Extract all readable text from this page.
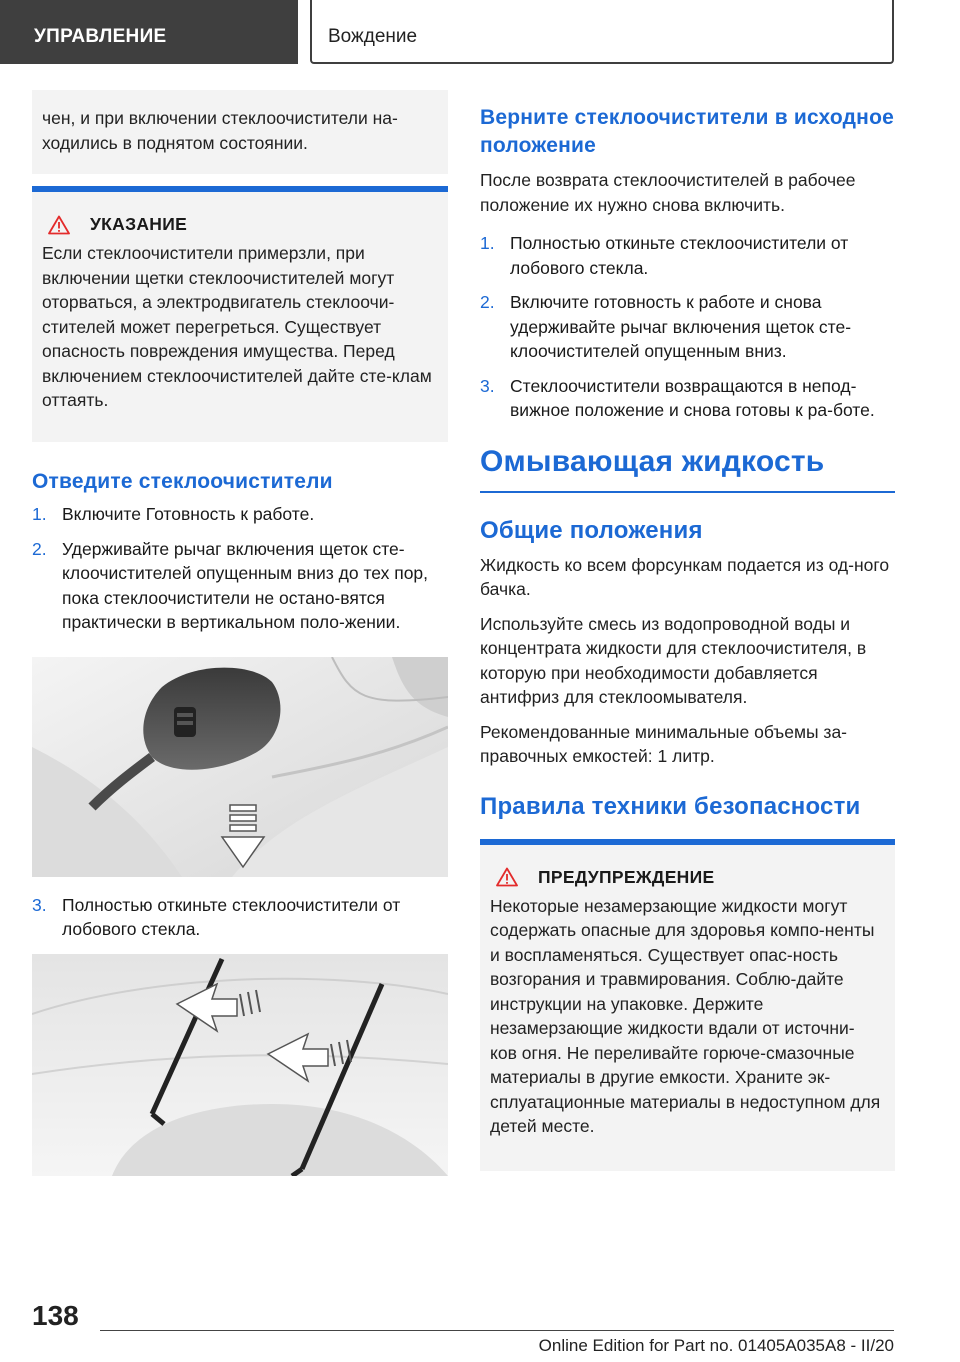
УПРАВЛЕНИЕ	Вождение

чен, и при включении стеклоочистители на-ходились в поднятом состоянии.

УКАЗАНИЕ

Если стеклоочистители примерзли, при включении щетки стеклоочистителей могут оторваться, а электродвигатель стеклоочи-стителей может перегреться. Существует опасность повреждения имущества. Перед включением стеклоочистителей дайте сте-клам оттаять.

Отведите стеклоочистители
1. Включите Готовность к работе.
2. Удерживайте рычаг включения щеток сте-клоочистителей опущенным вниз до тех пор, пока стеклоочистители не остано-вятся практически в вертикальном поло-жении.
3. Полностью откиньте стеклоочистители от лобового стекла.
Верните стеклоочистители в исходное положение

После возврата стеклоочистителей в рабочее положение их нужно снова включить.

1. Полностью откиньте стеклоочистители от лобового стекла.
2. Включите готовность к работе и снова удерживайте рычаг включения щеток сте-клоочистителей опущенным вниз.
3. Стеклоочистители возвращаются в непод-вижное положение и снова готовы к ра-боте.
Омывающая жидкость
Общие положения

Жидкость ко всем форсункам подается из од-ного бачка.

Используйте смесь из водопроводной воды и концентрата жидкости для стеклоочистителя, в которую при необходимости добавляется антифриз для стеклоомывателя.

Рекомендованные минимальные объемы за-правочных емкостей: 1 литр.

Правила техники безопасности
ПРЕДУПРЕЖДЕНИЕ

Некоторые незамерзающие жидкости могут содержать опасные для здоровья компо-ненты и воспламеняться. Существует опас-ность возгорания и травмирования. Соблю-дайте инструкции на упаковке. Держите незамерзающие жидкости вдали от источни-ков огня. Не переливайте горюче-смазочные материалы в другие емкости. Храните эк-сплуатационные материалы в недоступном для детей месте.

138
Online Edition for Part no. 01405A035A8 - II/20
